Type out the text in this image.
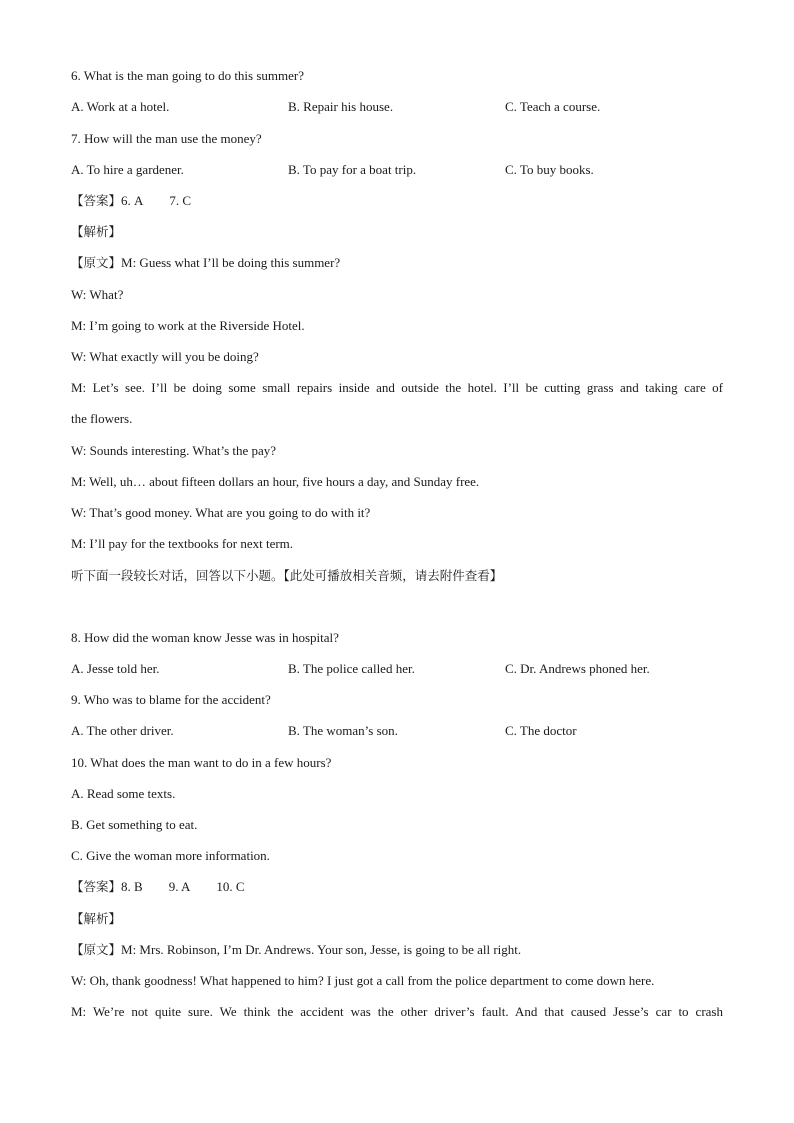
6. What is the man going to do this summer?
A. Work at a hotel.	B. Repair his house.	C. Teach a course.
7. How will the man use the money?
A. To hire a gardener.	B. To pay for a boat trip.	C. To buy books.
【答案】6. A 7. C
【解析】
【原文】M: Guess what I’ll be doing this summer?
W: What?
M: I’m going to work at the Riverside Hotel.
W: What exactly will you be doing?
M: Let’s see. I’ll be doing some small repairs inside and outside the hotel. I’ll be cutting grass and taking care of
the flowers.
W: Sounds interesting. What’s the pay?
M: Well, uh… about fifteen dollars an hour, five hours a day, and Sunday free.
W: That’s good money. What are you going to do with it?
M: I’ll pay for the textbooks for next term.
听下面一段较长对话，回答以下小题。【此处可播放相关音频，请去附件查看】
8. How did the woman know Jesse was in hospital?
A. Jesse told her.	B. The police called her.	C. Dr. Andrews phoned her.
9. Who was to blame for the accident?
A. The other driver.	B. The woman’s son.	C. The doctor
10. What does the man want to do in a few hours?
A. Read some texts.
B. Get something to eat.
C. Give the woman more information.
【答案】8. B 9. A 10. C
【解析】
【原文】M: Mrs. Robinson, I’m Dr. Andrews. Your son, Jesse, is going to be all right.
W: Oh, thank goodness! What happened to him? I just got a call from the police department to come down here.
M: We’re not quite sure. We think the accident was the other driver’s fault. And that caused Jesse’s car to crash
